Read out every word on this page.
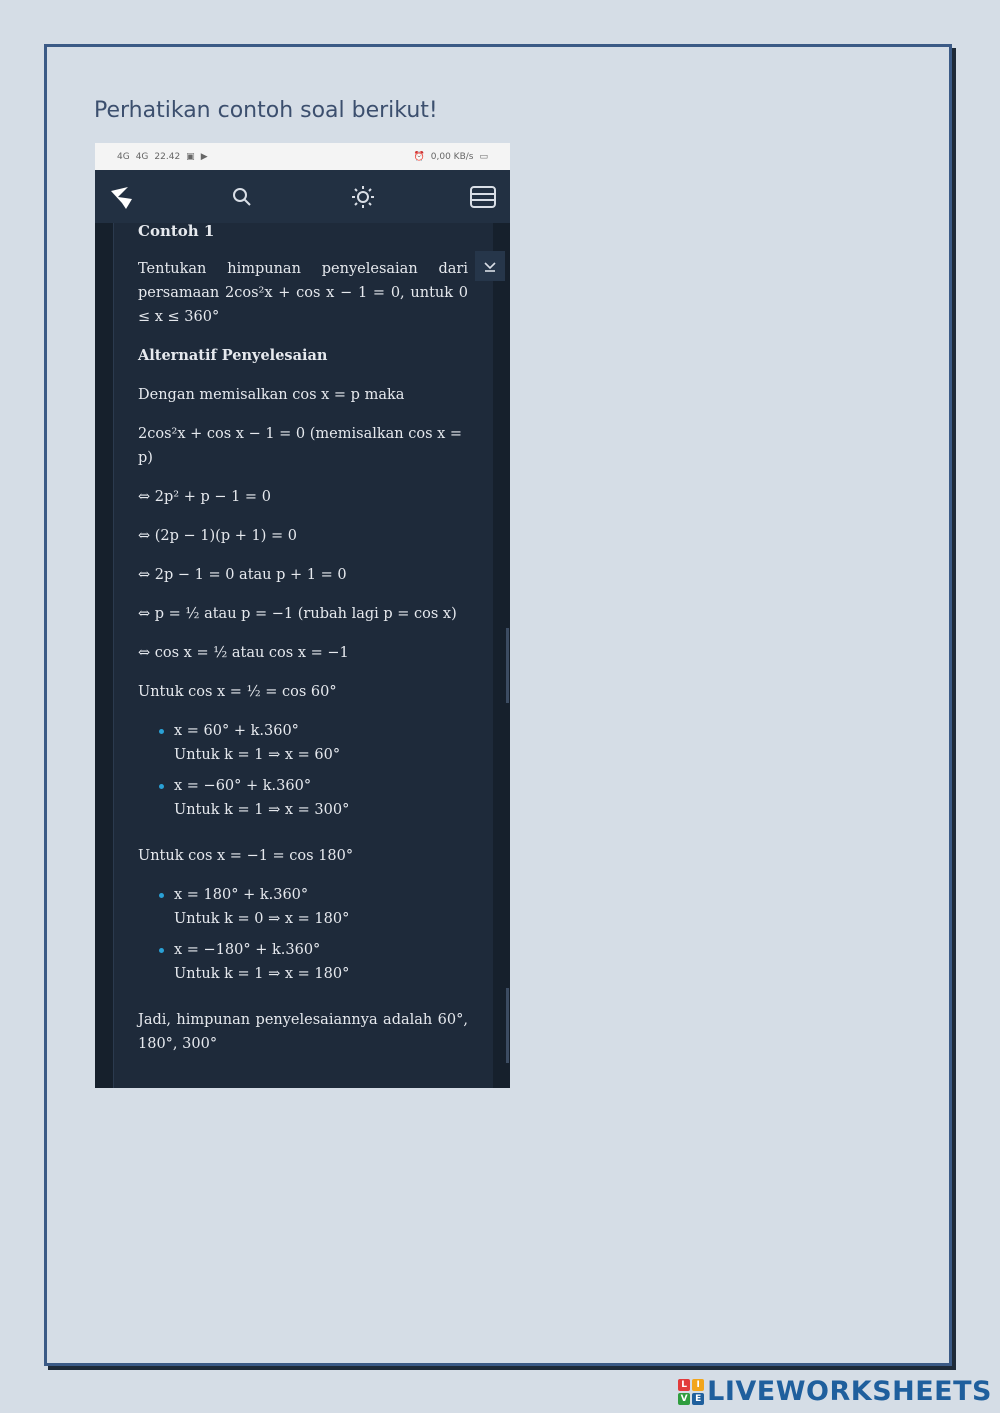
Perhatikan contoh soal berikut!
4G 4G 22.42 ▣ ▶	⏰ 0,00 KB/s ▭

Contoh 1

Tentukan himpunan penyelesaian dari persamaan 2cos²x + cos x − 1 = 0, untuk 0 ≤ x ≤ 360°

Alternatif Penyelesaian

Dengan memisalkan cos x = p maka

2cos²x + cos x − 1 = 0 (memisalkan cos x = p)

⇔ 2p² + p − 1 = 0

⇔ (2p − 1)(p + 1) = 0

⇔ 2p − 1 = 0 atau p + 1 = 0

⇔ p = ½ atau p = −1 (rubah lagi p = cos x)

⇔ cos x = ½ atau cos x = −1

Untuk cos x = ½ = cos 60°

x = 60° + k.360°

Untuk k = 1 ⇒ x = 60°

x = −60° + k.360°

Untuk k = 1 ⇒ x = 300°

Untuk cos x = −1 = cos 180°

x = 180° + k.360°

Untuk k = 0 ⇒ x = 180°

x = −180° + k.360°

Untuk k = 1 ⇒ x = 180°

Jadi, himpunan penyelesaiannya adalah 60°, 180°, 300°

L	I
V E LIVEWORKSHEETS
